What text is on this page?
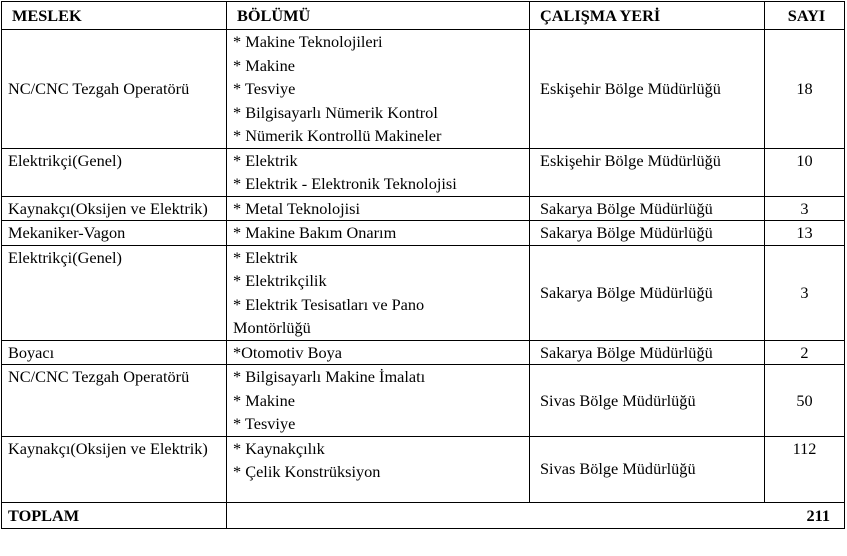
MESLEK	BÖLÜMÜ	ÇALIŞMA YERİ	SAYI
NC/CNC Tezgah Operatörü	* Makine Teknolojileri
* Makine
* Tesviye
* Bilgisayarlı Nümerik Kontrol
* Nümerik Kontrollü Makineler	Eskişehir Bölge Müdürlüğü	18
Elektrikçi(Genel)	* Elektrik
* Elektrik - Elektronik Teknolojisi	Eskişehir Bölge Müdürlüğü	10
Kaynakçı(Oksijen ve Elektrik)	* Metal Teknolojisi	Sakarya Bölge Müdürlüğü	3
Mekaniker-Vagon	* Makine Bakım Onarım	Sakarya Bölge Müdürlüğü	13
Elektrikçi(Genel)	* Elektrik
* Elektrikçilik
* Elektrik Tesisatları ve Pano
Montörlüğü	Sakarya Bölge Müdürlüğü	3
Boyacı	*Otomotiv Boya	Sakarya Bölge Müdürlüğü	2
NC/CNC Tezgah Operatörü	* Bilgisayarlı Makine İmalatı
* Makine
* Tesviye	Sivas Bölge Müdürlüğü	50
Kaynakçı(Oksijen ve Elektrik)	* Kaynakçılık
* Çelik Konstrüksiyon	Sivas Bölge Müdürlüğü	112
TOPLAM	211		
